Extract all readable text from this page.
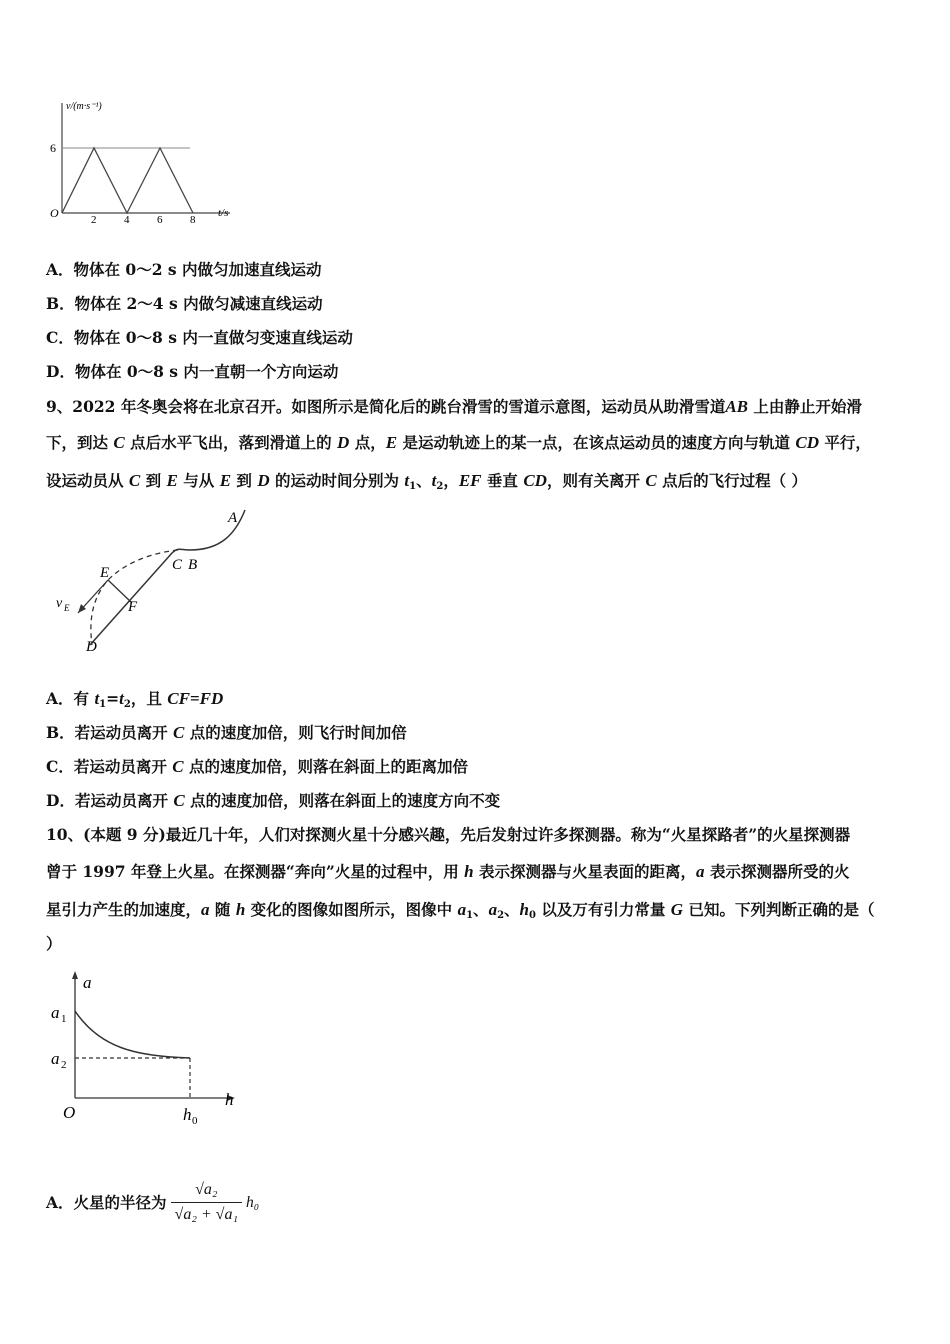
v/(m·s⁻¹)
t/s
O
6
2	4	6	8
A．物体在 0～2 s 内做匀加速直线运动
B．物体在 2～4 s 内做匀减速直线运动
C．物体在 0～8 s 内一直做匀变速直线运动
D．物体在 0～8 s 内一直朝一个方向运动
9、2022 年冬奥会将在北京召开。如图所示是简化后的跳台滑雪的雪道示意图，运动员从助滑雪道AB 上由静止开始滑
下，到达 C 点后水平飞出，落到滑道上的 D 点，E 是运动轨迹上的某一点，在该点运动员的速度方向与轨道 CD 平行，
设运动员从 C 到 E 与从 E 到 D 的运动时间分别为 $t_1$、$t_2$，EF 垂直 CD，则有关离开 C 点后的飞行过程（ ）
A
C B
E
F
D
v E
A．有 $t_1=t_2$，且 CF=FD
B．若运动员离开 C 点的速度加倍，则飞行时间加倍
C．若运动员离开 C 点的速度加倍，则落在斜面上的距离加倍
D．若运动员离开 C 点的速度加倍，则落在斜面上的速度方向不变
10、(本题 9 分)最近几十年，人们对探测火星十分感兴趣，先后发射过许多探测器。称为“火星探路者”的火星探测器
曾于 1997 年登上火星。在探测器“奔向”火星的过程中，用 h 表示探测器与火星表面的距离，a 表示探测器所受的火
星引力产生的加速度，a 随 h 变化的图像如图所示，图像中 $a_1$、$a_2$、$h_0$ 以及万有引力常量 G 已知。下列判断正确的是（
）
a
h
O
a 1
a 2
h 0
A．火星的半径为 $\frac{\text{√a₂}}{\text{√a₂ + √a₁}} h_0$
